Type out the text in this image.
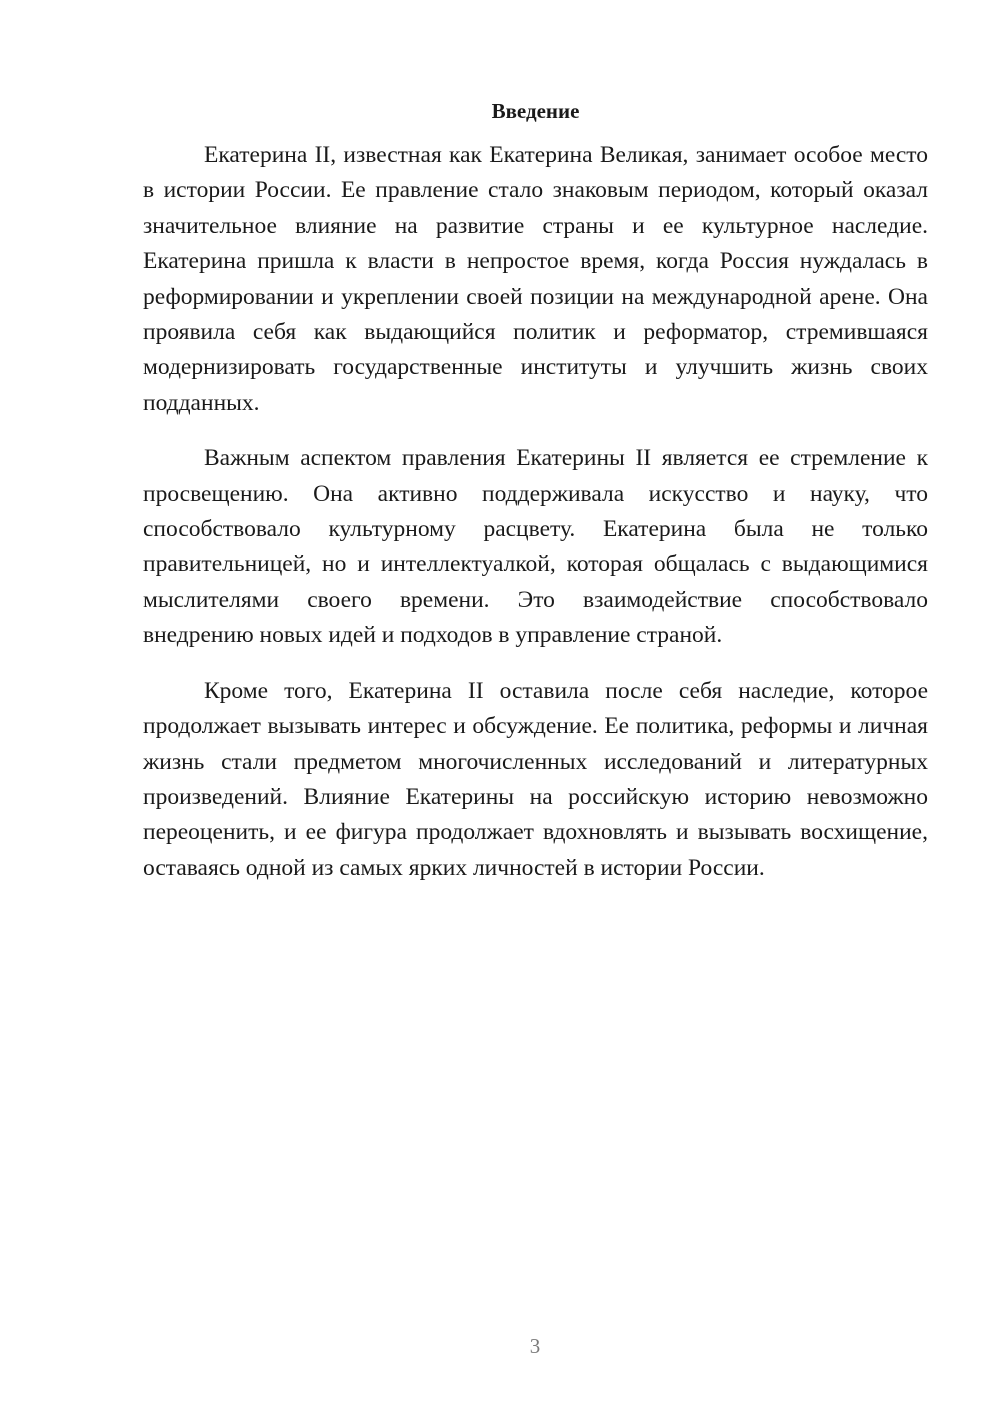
Введение

Екатерина II, известная как Екатерина Великая, занимает особое место в истории России. Ее правление стало знаковым периодом, который оказал значительное влияние на развитие страны и ее культурное наследие. Екатерина пришла к власти в непростое время, когда Россия нуждалась в реформировании и укреплении своей позиции на международной арене. Она проявила себя как выдающийся политик и реформатор, стремившаяся модернизировать государственные институты и улучшить жизнь своих подданных.

Важным аспектом правления Екатерины II является ее стремление к просвещению. Она активно поддерживала искусство и науку, что способствовало культурному расцвету. Екатерина была не только правительницей, но и интеллектуалкой, которая общалась с выдающимися мыслителями своего времени. Это взаимодействие способствовало внедрению новых идей и подходов в управление страной.

Кроме того, Екатерина II оставила после себя наследие, которое продолжает вызывать интерес и обсуждение. Ее политика, реформы и личная жизнь стали предметом многочисленных исследований и литературных произведений. Влияние Екатерины на российскую историю невозможно переоценить, и ее фигура продолжает вдохновлять и вызывать восхищение, оставаясь одной из самых ярких личностей в истории России.

3
